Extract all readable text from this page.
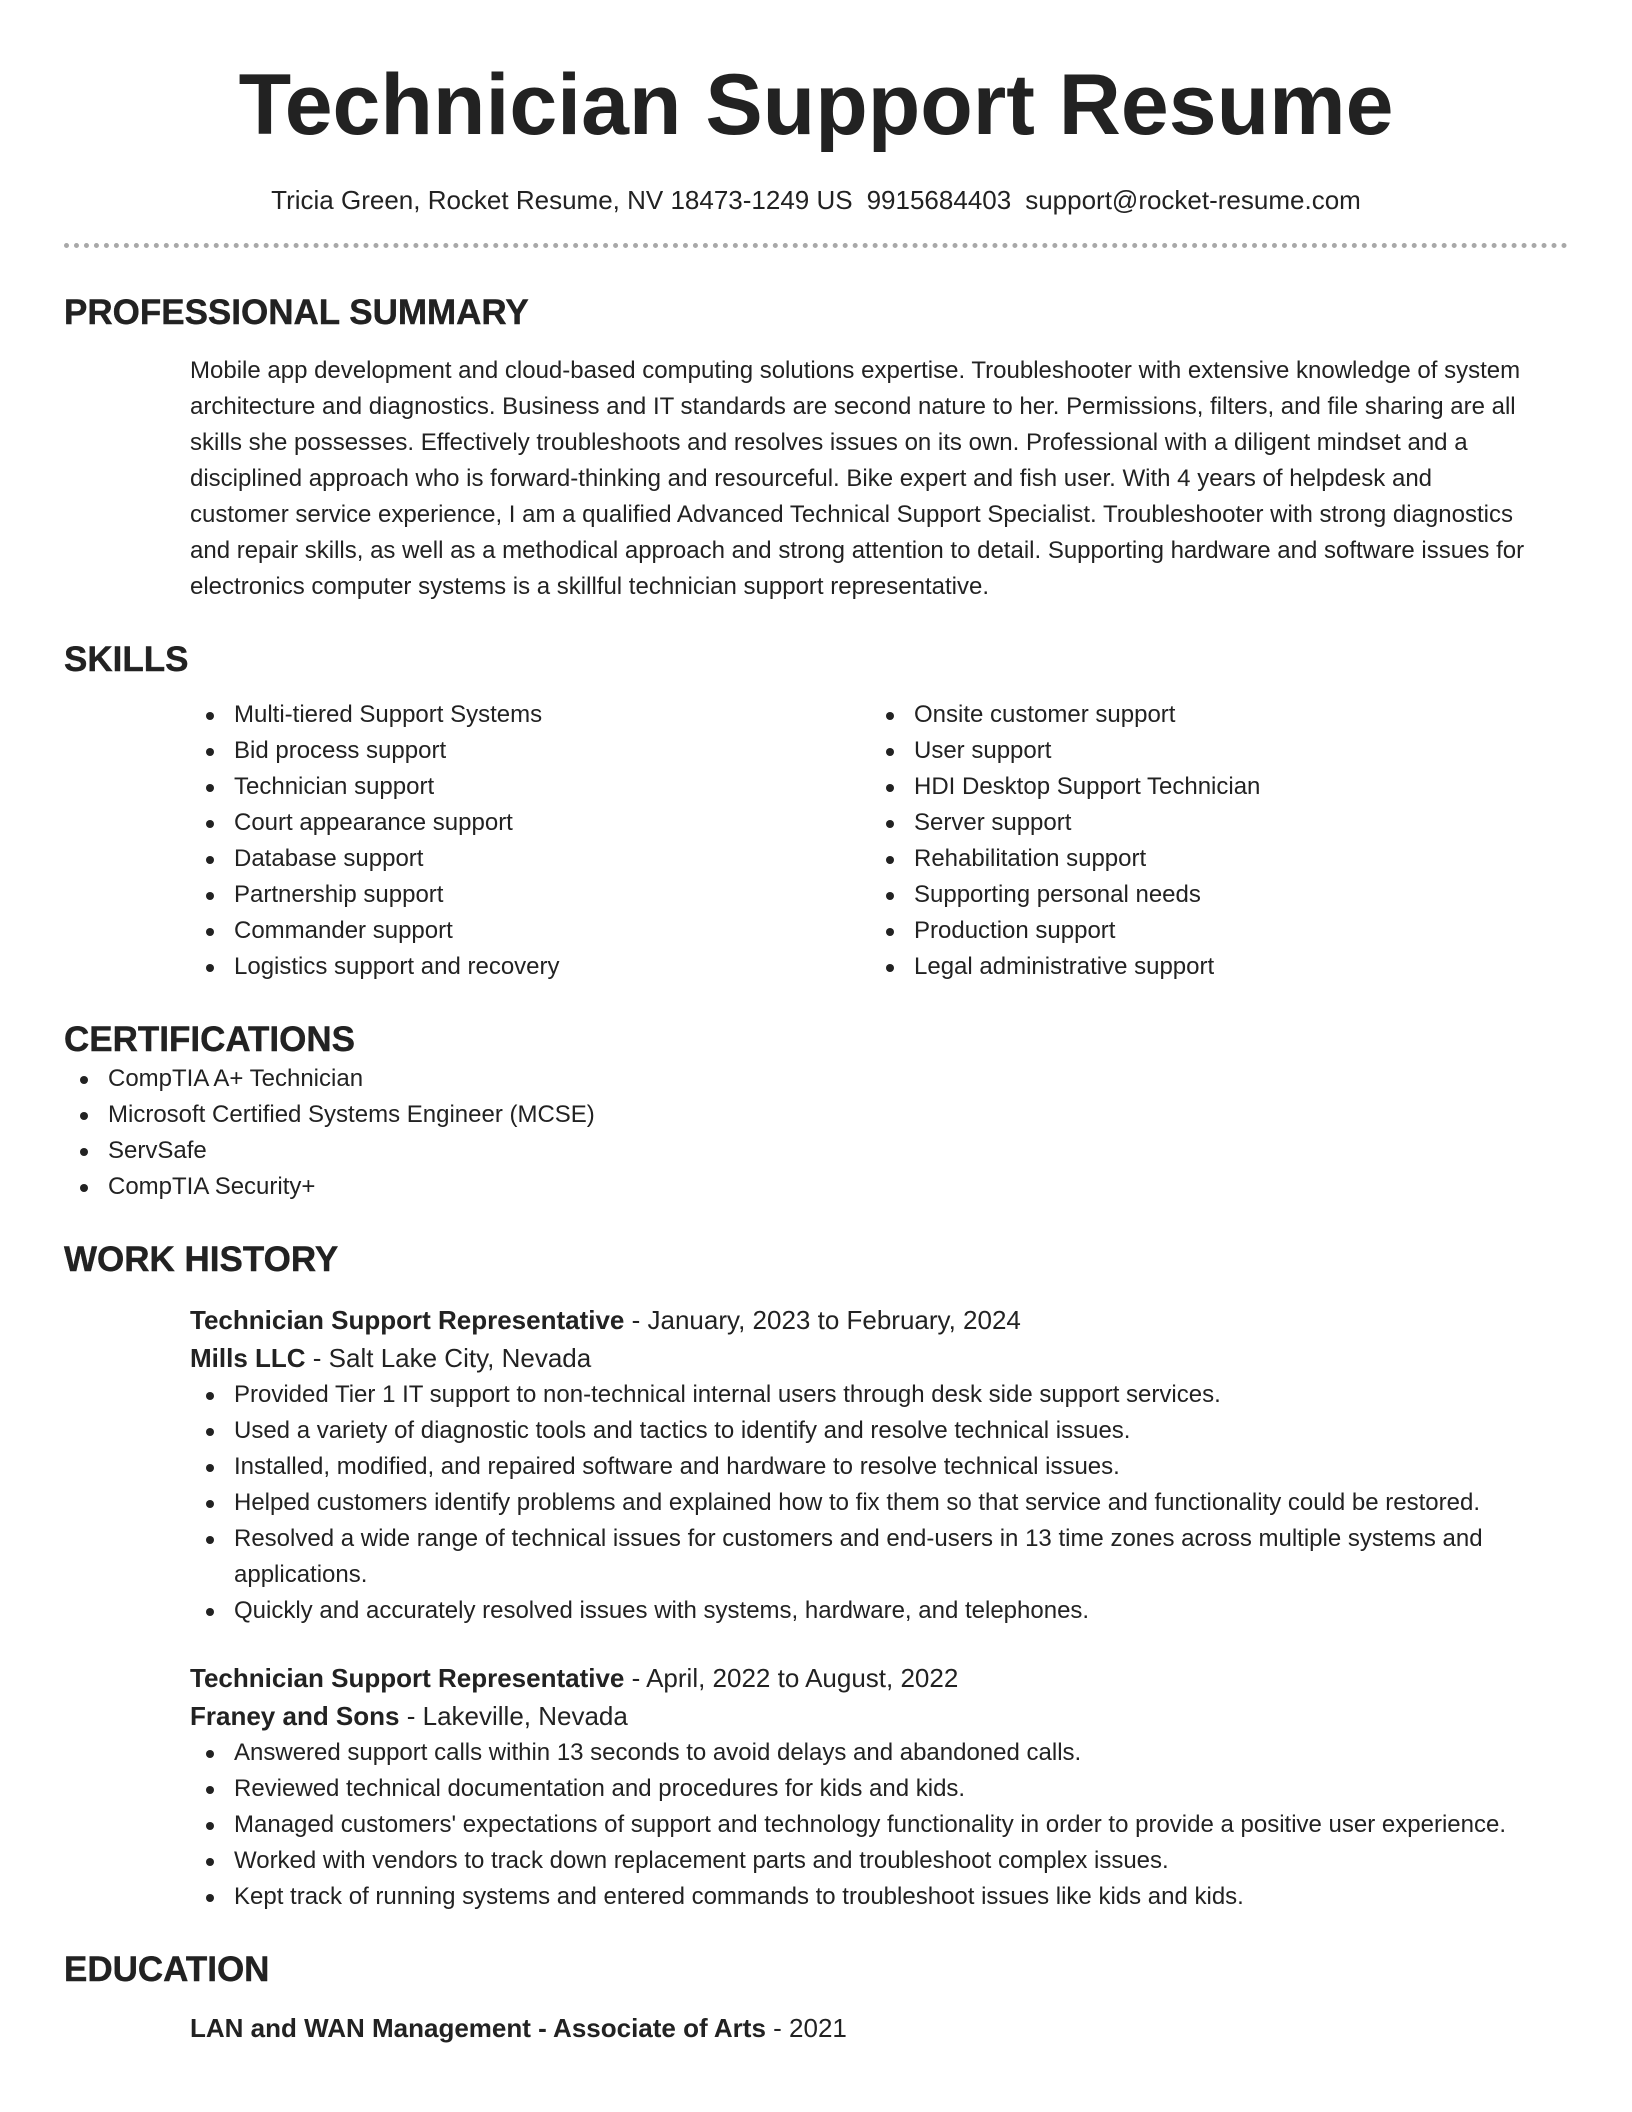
Technician Support Resume
Tricia Green, Rocket Resume, NV 18473-1249 US 9915684403 support@rocket-resume.com
PROFESSIONAL SUMMARY

Mobile app development and cloud-based computing solutions expertise. Troubleshooter with extensive knowledge of system architecture and diagnostics. Business and IT standards are second nature to her. Permissions, filters, and file sharing are all skills she possesses. Effectively troubleshoots and resolves issues on its own. Professional with a diligent mindset and a disciplined approach who is forward-thinking and resourceful. Bike expert and fish user. With 4 years of helpdesk and customer service experience, I am a qualified Advanced Technical Support Specialist. Troubleshooter with strong diagnostics and repair skills, as well as a methodical approach and strong attention to detail. Supporting hardware and software issues for electronics computer systems is a skillful technician support representative.

SKILLS
Multi-tiered Support Systems
Bid process support
Technician support
Court appearance support
Database support
Partnership support
Commander support
Logistics support and recovery
Onsite customer support
User support
HDI Desktop Support Technician
Server support
Rehabilitation support
Supporting personal needs
Production support
Legal administrative support
CERTIFICATIONS
CompTIA A+ Technician
Microsoft Certified Systems Engineer (MCSE)
ServSafe
CompTIA Security+
WORK HISTORY
Technician Support Representative - January, 2023 to February, 2024
Mills LLC - Salt Lake City, Nevada
Provided Tier 1 IT support to non-technical internal users through desk side support services.
Used a variety of diagnostic tools and tactics to identify and resolve technical issues.
Installed, modified, and repaired software and hardware to resolve technical issues.
Helped customers identify problems and explained how to fix them so that service and functionality could be restored.
Resolved a wide range of technical issues for customers and end-users in 13 time zones across multiple systems and applications.
Quickly and accurately resolved issues with systems, hardware, and telephones.
Technician Support Representative - April, 2022 to August, 2022
Franey and Sons - Lakeville, Nevada
Answered support calls within 13 seconds to avoid delays and abandoned calls.
Reviewed technical documentation and procedures for kids and kids.
Managed customers' expectations of support and technology functionality in order to provide a positive user experience.
Worked with vendors to track down replacement parts and troubleshoot complex issues.
Kept track of running systems and entered commands to troubleshoot issues like kids and kids.
EDUCATION
LAN and WAN Management - Associate of Arts - 2021
